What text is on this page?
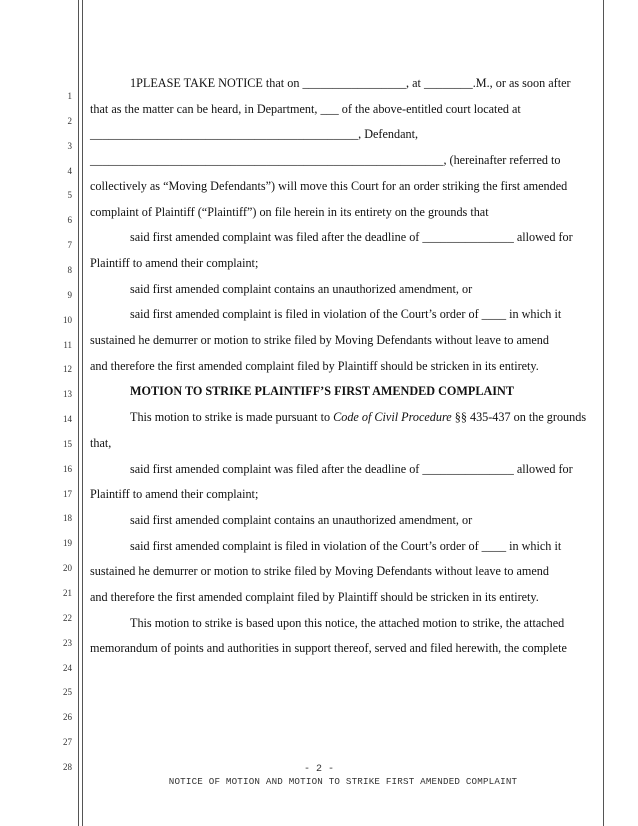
1
2
3
4
5
6
7
8
9
10
11
12
13
14
15
16
17
18
19
20
21
22
23
24
25
26
27
28
1PLEASE TAKE NOTICE that on _________________, at ________.M., or as soon after
that as the matter can be heard, in Department, ___ of the above-entitled court located at
____________________________________________, Defendant,
__________________________________________________________, (hereinafter referred to
collectively as “Moving Defendants”) will move this Court for an order striking the first amended
complaint of Plaintiff (“Plaintiff”) on file herein in its entirety on the grounds that
said first amended complaint was filed after the deadline of _______________ allowed for
Plaintiff to amend their complaint;
said first amended complaint contains an unauthorized amendment, or
said first amended complaint is filed in violation of the Court’s order of ____ in which it
sustained he demurrer or motion to strike filed by Moving Defendants without leave to amend
and therefore the first amended complaint filed by Plaintiff should be stricken in its entirety.
MOTION TO STRIKE PLAINTIFF’S FIRST AMENDED COMPLAINT
This motion to strike is made pursuant to Code of Civil Procedure §§ 435-437 on the grounds
that,
said first amended complaint was filed after the deadline of _______________ allowed for
Plaintiff to amend their complaint;
said first amended complaint contains an unauthorized amendment, or
said first amended complaint is filed in violation of the Court’s order of ____ in which it
sustained he demurrer or motion to strike filed by Moving Defendants without leave to amend
and therefore the first amended complaint filed by Plaintiff should be stricken in its entirety.
This motion to strike is based upon this notice, the attached motion to strike, the attached
memorandum of points and authorities in support thereof, served and filed herewith, the complete
- 2 -
NOTICE OF MOTION AND MOTION TO STRIKE FIRST AMENDED COMPLAINT
